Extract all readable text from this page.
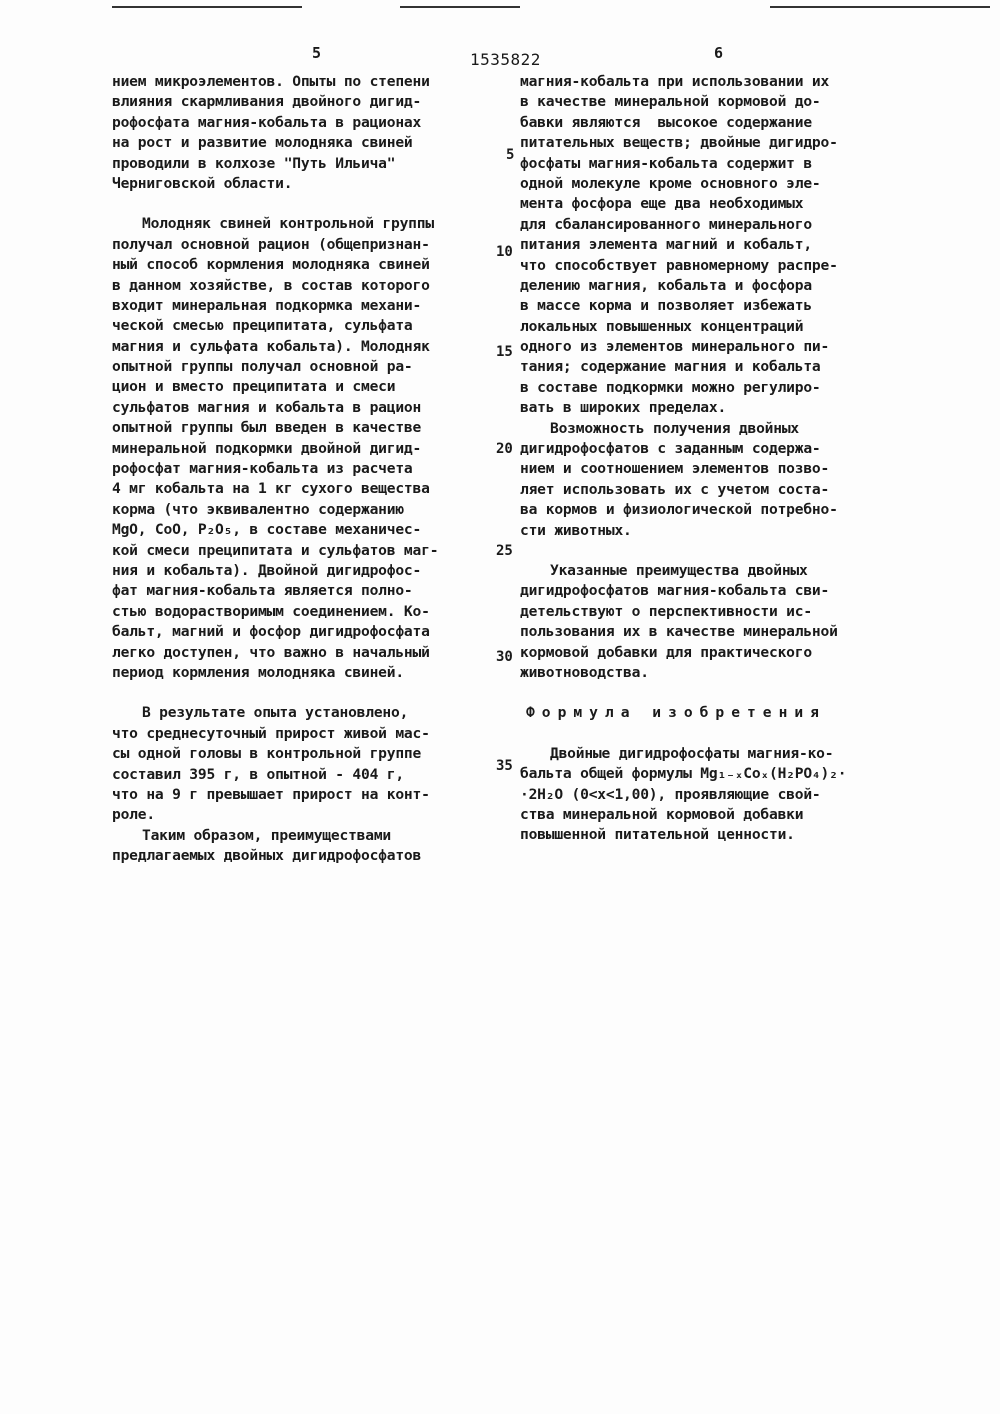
5	1535822	6
нием микроэлементов. Опыты по степени
влияния скармливания двойного дигид-
рофосфата магния-кобальта в рационах
на рост и развитие молодняка свиней
проводили в колхозе "Путь Ильича"
Черниговской области.
Молодняк свиней контрольной группы
получал основной рацион (общепризнан-
ный способ кормления молодняка свиней
в данном хозяйстве, в состав которого
входит минеральная подкормка механи-
ческой смесью преципитата, сульфата
магния и сульфата кобальта). Молодняк
опытной группы получал основной ра-
цион и вместо преципитата и смеси
сульфатов магния и кобальта в рацион
опытной группы был введен в качестве
минеральной подкормки двойной дигид-
рофосфат магния-кобальта из расчета
4 мг кобальта на 1 кг сухого вещества
корма (что эквивалентно содержанию
MgO, CoO, P₂O₅, в составе механичес-
кой смеси преципитата и сульфатов маг-
ния и кобальта). Двойной дигидрофос-
фат магния-кобальта является полно-
стью водорастворимым соединением. Ко-
бальт, магний и фосфор дигидрофосфата
легко доступен, что важно в начальный
период кормления молодняка свиней.
В результате опыта установлено,
что среднесуточный прирост живой мас-
сы одной головы в контрольной группе
составил 395 г, в опытной - 404 г,
что на 9 г превышает прирост на конт-
роле.
Таким образом, преимуществами
предлагаемых двойных дигидрофосфатов
магния-кобальта при использовании их
в качестве минеральной кормовой до-
бавки являются  высокое содержание
питательных веществ; двойные дигидро-
фосфаты магния-кобальта содержит в
одной молекуле кроме основного эле-
мента фосфора еще два необходимых
для сбалансированного минерального
питания элемента магний и кобальт,
что способствует равномерному распре-
делению магния, кобальта и фосфора
в массе корма и позволяет избежать
локальных повышенных концентраций
одного из элементов минерального пи-
тания; содержание магния и кобальта
в составе подкормки можно регулиро-
вать в широких пределах.
Возможность получения двойных
дигидрофосфатов с заданным содержа-
нием и соотношением элементов позво-
ляет использовать их с учетом соста-
ва кормов и физиологической потребно-
сти животных.
Указанные преимущества двойных
дигидрофосфатов магния-кобальта сви-
детельствуют о перспективности ис-
пользования их в качестве минеральной
кормовой добавки для практического
животноводства.
Формула изобретения
Двойные дигидрофосфаты магния-ко-
бальта общей формулы Mg₁₋ₓCoₓ(H₂PO₄)₂·
·2H₂O (0<x<1,00), проявляющие свой-
ства минеральной кормовой добавки
повышенной питательной ценности.
5
10
15
20
25
30
35
